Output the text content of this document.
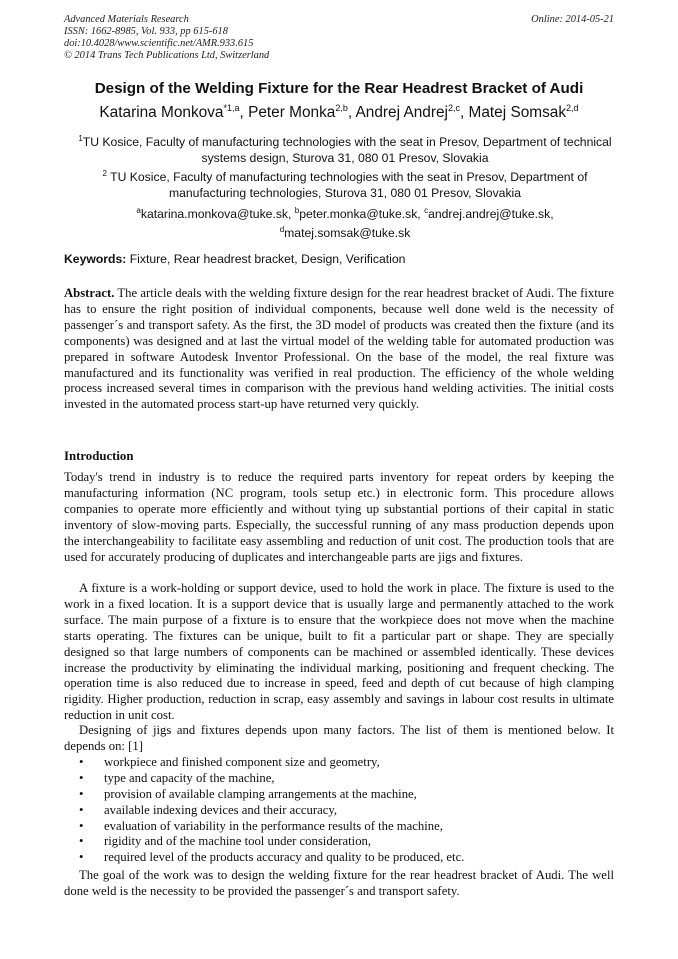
Advanced Materials Research
ISSN: 1662-8985, Vol. 933, pp 615-618
doi:10.4028/www.scientific.net/AMR.933.615
© 2014 Trans Tech Publications Ltd, Switzerland
Online: 2014-05-21
Design of the Welding Fixture for the Rear Headrest Bracket of Audi
Katarina Monkova$^{*1,a}$, Peter Monka$^{2,b}$, Andrej Andrej$^{2,c}$, Matej Somsak$^{2,d}$
$^1$TU Kosice, Faculty of manufacturing technologies with the seat in Presov, Department of technical systems design, Sturova 31, 080 01 Presov, Slovakia
$^2$ TU Kosice, Faculty of manufacturing technologies with the seat in Presov, Department of manufacturing technologies, Sturova 31, 080 01 Presov, Slovakia
$^a$katarina.monkova@tuke.sk, $^b$peter.monka@tuke.sk, $^c$andrej.andrej@tuke.sk,
$^d$matej.somsak@tuke.sk
Keywords: Fixture, Rear headrest bracket, Design, Verification
Abstract. The article deals with the welding fixture design for the rear headrest bracket of Audi. The fixture has to ensure the right position of individual components, because well done weld is the necessity of passenger´s and transport safety. As the first, the 3D model of products was created then the fixture (and its components) was designed and at last the virtual model of the welding table for automated production was prepared in software Autodesk Inventor Professional. On the base of the model, the real fixture was manufactured and its functionality was verified in real production. The efficiency of the whole welding process increased several times in comparison with the previous hand welding activities. The initial costs invested in the automated process start-up have returned very quickly.
Introduction
Today's trend in industry is to reduce the required parts inventory for repeat orders by keeping the manufacturing information (NC program, tools setup etc.) in electronic form. This procedure allows companies to operate more efficiently and without tying up substantial portions of their capital in static inventory of slow-moving parts. Especially, the successful running of any mass production depends upon the interchangeability to facilitate easy assembling and reduction of unit cost. The production tools that are used for accurately producing of duplicates and interchangeable parts are jigs and fixtures.
A fixture is a work-holding or support device, used to hold the work in place. The fixture is used to the work in a fixed location. It is a support device that is usually large and permanently attached to the work surface. The main purpose of a fixture is to ensure that the workpiece does not move when the machine starts operating. The fixtures can be unique, built to fit a particular part or shape. They are specially designed so that large numbers of components can be machined or assembled identically. These devices increase the productivity by eliminating the individual marking, positioning and frequent checking. The operation time is also reduced due to increase in speed, feed and depth of cut because of high clamping rigidity. Higher production, reduction in scrap, easy assembly and savings in labour cost results in ultimate reduction in unit cost.
Designing of jigs and fixtures depends upon many factors. The list of them is mentioned below. It depends on: [1]
• workpiece and finished component size and geometry,
• type and capacity of the machine,
• provision of available clamping arrangements at the machine,
• available indexing devices and their accuracy,
• evaluation of variability in the performance results of the machine,
• rigidity and of the machine tool under consideration,
• required level of the products accuracy and quality to be produced, etc.
The goal of the work was to design the welding fixture for the rear headrest bracket of Audi. The well done weld is the necessity to be provided the passenger´s and transport safety.
